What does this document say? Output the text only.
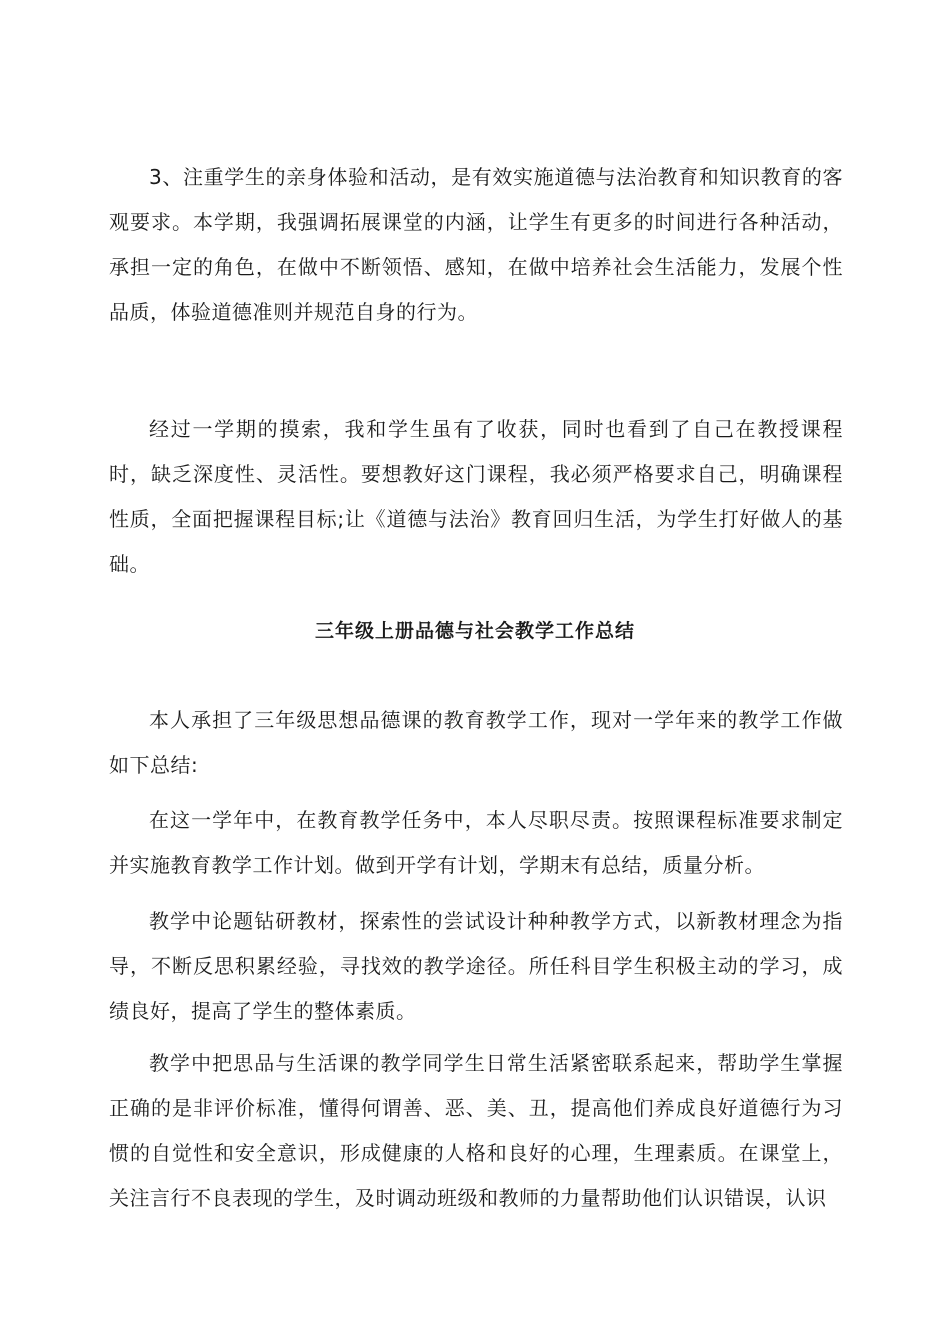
3、注重学生的亲身体验和活动，是有效实施道德与法治教育和知识教育的客观要求。本学期，我强调拓展课堂的内涵，让学生有更多的时间进行各种活动，承担一定的角色，在做中不断领悟、感知，在做中培养社会生活能力，发展个性品质，体验道德准则并规范自身的行为。

经过一学期的摸索，我和学生虽有了收获，同时也看到了自己在教授课程时，缺乏深度性、灵活性。要想教好这门课程，我必须严格要求自己，明确课程性质，全面把握课程目标;让《道德与法治》教育回归生活，为学生打好做人的基础。

三年级上册品德与社会教学工作总结

本人承担了三年级思想品德课的教育教学工作，现对一学年来的教学工作做如下总结:

在这一学年中，在教育教学任务中，本人尽职尽责。按照课程标准要求制定并实施教育教学工作计划。做到开学有计划，学期末有总结，质量分析。

教学中论题钻研教材，探索性的尝试设计种种教学方式，以新教材理念为指导，不断反思积累经验，寻找效的教学途径。所任科目学生积极主动的学习，成绩良好，提高了学生的整体素质。

教学中把思品与生活课的教学同学生日常生活紧密联系起来，帮助学生掌握正确的是非评价标准，懂得何谓善、恶、美、丑，提高他们养成良好道德行为习惯的自觉性和安全意识，形成健康的人格和良好的心理，生理素质。在课堂上，关注言行不良表现的学生，及时调动班级和教师的力量帮助他们认识错误，认识
